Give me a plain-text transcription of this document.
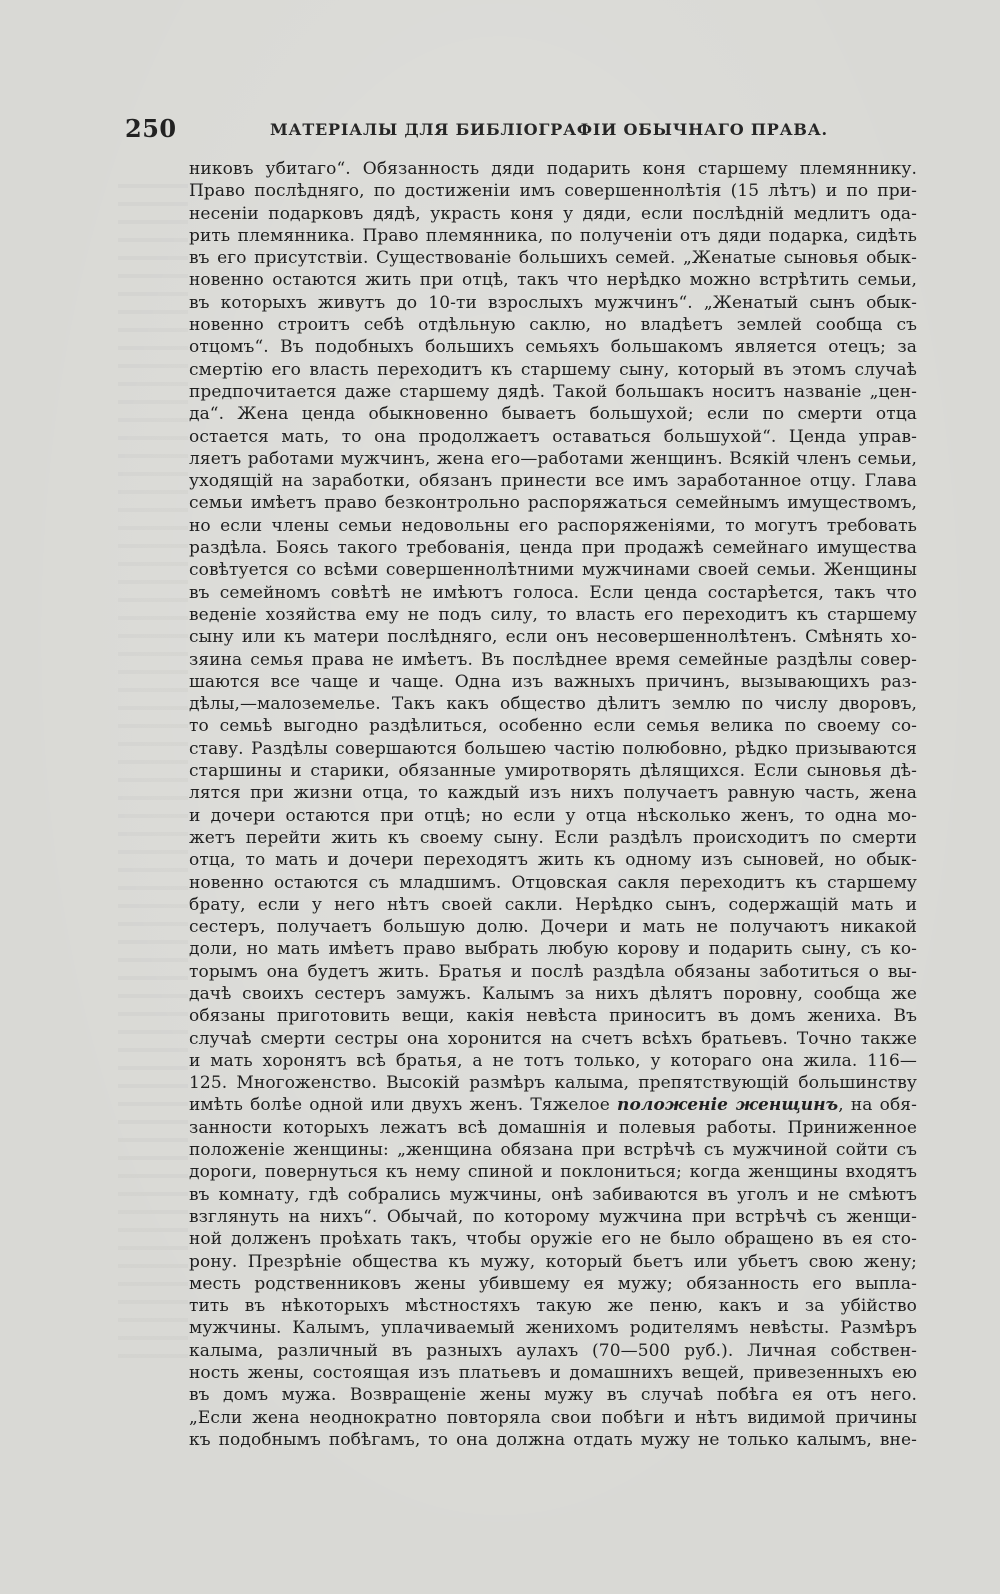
250	МАТЕРІАЛЫ ДЛЯ БИБЛІОГРАФІИ ОБЫЧНАГО ПРАВА.
никовъ убитаго“. Обязанность дяди подарить коня старшему племяннику.
Право послѣдняго, по достиженіи имъ совершеннолѣтія (15 лѣтъ) и по при-
несеніи подарковъ дядѣ, украсть коня у дяди, если послѣдній медлитъ ода-
рить племянника. Право племянника, по полученіи отъ дяди подарка, сидѣть
въ его присутствіи. Существованіе большихъ семей. „Женатые сыновья обык-
новенно остаются жить при отцѣ, такъ что нерѣдко можно встрѣтить семьи,
въ которыхъ живутъ до 10-ти взрослыхъ мужчинъ“. „Женатый сынъ обык-
новенно строитъ себѣ отдѣльную саклю, но владѣетъ землей сообща съ
отцомъ“. Въ подобныхъ большихъ семьяхъ большакомъ является отецъ; за
смертію его власть переходитъ къ старшему сыну, который въ этомъ случаѣ
предпочитается даже старшему дядѣ. Такой большакъ носитъ названіе „цен-
да“. Жена ценда обыкновенно бываетъ большухой; если по смерти отца
остается мать, то она продолжаетъ оставаться большухой“. Ценда управ-
ляетъ работами мужчинъ, жена его—работами женщинъ. Всякій членъ семьи,
уходящій на заработки, обязанъ принести все имъ заработанное отцу. Глава
семьи имѣетъ право безконтрольно распоряжаться семейнымъ имуществомъ,
но если члены семьи недовольны его распоряженіями, то могутъ требовать
раздѣла. Боясь такого требованія, ценда при продажѣ семейнаго имущества
совѣтуется со всѣми совершеннолѣтними мужчинами своей семьи. Женщины
въ семейномъ совѣтѣ не имѣютъ голоса. Если ценда состарѣется, такъ что
веденіе хозяйства ему не подъ силу, то власть его переходитъ къ старшему
сыну или къ матери послѣдняго, если онъ несовершеннолѣтенъ. Смѣнять хо-
зяина семья права не имѣетъ. Въ послѣднее время семейные раздѣлы совер-
шаются все чаще и чаще. Одна изъ важныхъ причинъ, вызывающихъ раз-
дѣлы,—малоземелье. Такъ какъ общество дѣлитъ землю по числу дворовъ,
то семьѣ выгодно раздѣлиться, особенно если семья велика по своему со-
ставу. Раздѣлы совершаются большею частію полюбовно, рѣдко призываются
старшины и старики, обязанные умиротворять дѣлящихся. Если сыновья дѣ-
лятся при жизни отца, то каждый изъ нихъ получаетъ равную часть, жена
и дочери остаются при отцѣ; но если у отца нѣсколько женъ, то одна мо-
жетъ перейти жить къ своему сыну. Если раздѣлъ происходитъ по смерти
отца, то мать и дочери переходятъ жить къ одному изъ сыновей, но обык-
новенно остаются съ младшимъ. Отцовская сакля переходитъ къ старшему
брату, если у него нѣтъ своей сакли. Нерѣдко сынъ, содержащій мать и
сестеръ, получаетъ большую долю. Дочери и мать не получаютъ никакой
доли, но мать имѣетъ право выбрать любую корову и подарить сыну, съ ко-
торымъ она будетъ жить. Братья и послѣ раздѣла обязаны заботиться о вы-
дачѣ своихъ сестеръ замужъ. Калымъ за нихъ дѣлятъ поровну, сообща же
обязаны приготовить вещи, какія невѣста приноситъ въ домъ жениха. Въ
случаѣ смерти сестры она хоронится на счетъ всѣхъ братьевъ. Точно также
и мать хоронятъ всѣ братья, а не тотъ только, у котораго она жила. 116—
125. Многоженство. Высокій размѣръ калыма, препятствующій большинству
имѣть болѣе одной или двухъ женъ. Тяжелое положеніе женщинъ, на обя-
занности которыхъ лежатъ всѣ домашнія и полевыя работы. Приниженное
положеніе женщины: „женщина обязана при встрѣчѣ съ мужчиной сойти съ
дороги, повернуться къ нему спиной и поклониться; когда женщины входятъ
въ комнату, гдѣ собрались мужчины, онѣ забиваются въ уголъ и не смѣютъ
взглянуть на нихъ“. Обычай, по которому мужчина при встрѣчѣ съ женщи-
ной долженъ проѣхать такъ, чтобы оружіе его не было обращено въ ея сто-
рону. Презрѣніе общества къ мужу, который бьетъ или убьетъ свою жену;
месть родственниковъ жены убившему ея мужу; обязанность его выпла-
тить въ нѣкоторыхъ мѣстностяхъ такую же пеню, какъ и за убійство
мужчины. Калымъ, уплачиваемый женихомъ родителямъ невѣсты. Размѣръ
калыма, различный въ разныхъ аулахъ (70—500 руб.). Личная собствен-
ность жены, состоящая изъ платьевъ и домашнихъ вещей, привезенныхъ ею
въ домъ мужа. Возвращеніе жены мужу въ случаѣ побѣга ея отъ него.
„Если жена неоднократно повторяла свои побѣги и нѣтъ видимой причины
къ подобнымъ побѣгамъ, то она должна отдать мужу не только калымъ, вне-
